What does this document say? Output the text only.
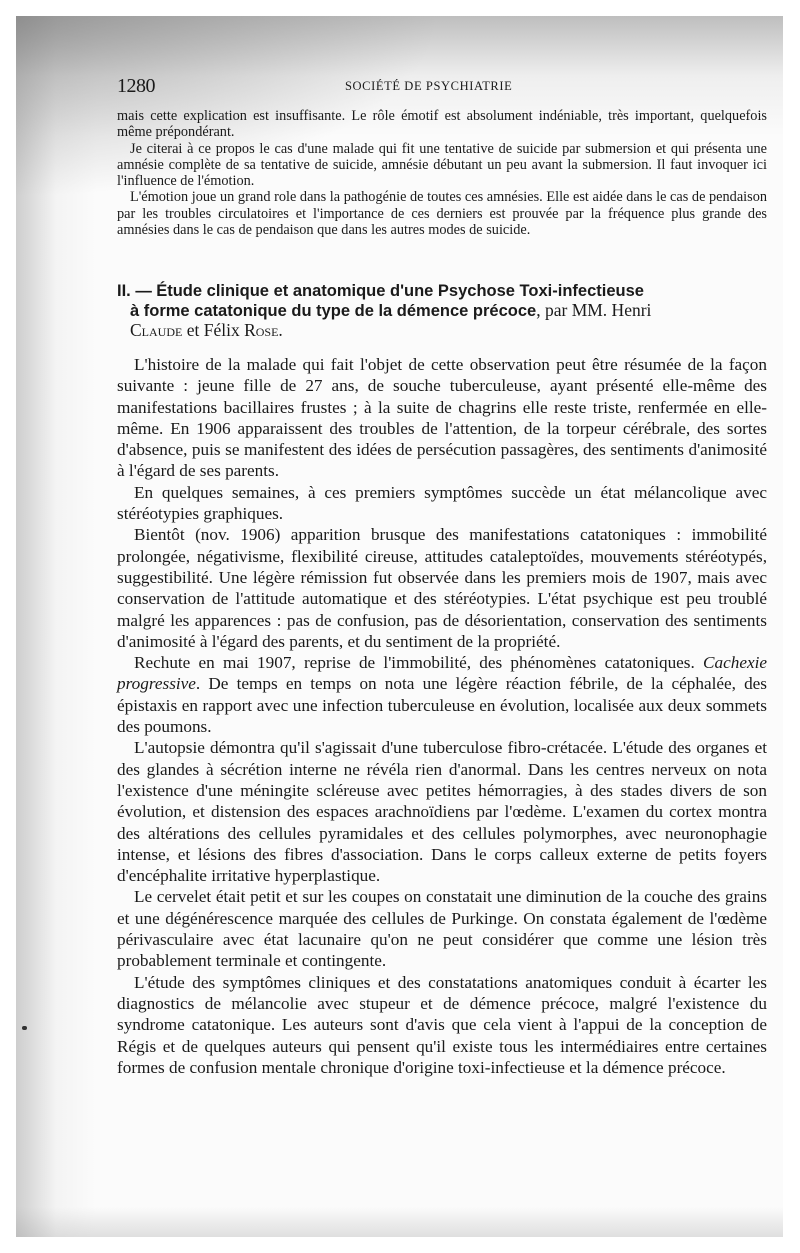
1280	SOCIÉTÉ DE PSYCHIATRIE

mais cette explication est insuffisante. Le rôle émotif est absolument indéniable, très important, quelquefois même prépondérant.

Je citerai à ce propos le cas d'une malade qui fit une tentative de suicide par submersion et qui présenta une amnésie complète de sa tentative de suicide, amnésie débutant un peu avant la submersion. Il faut invoquer ici l'influence de l'émotion.

L'émotion joue un grand role dans la pathogénie de toutes ces amnésies. Elle est aidée dans le cas de pendaison par les troubles circulatoires et l'importance de ces derniers est prouvée par la fréquence plus grande des amnésies dans le cas de pendaison que dans les autres modes de suicide.

II. — Étude clinique et anatomique d'une Psychose Toxi-infectieuse
à forme catatonique du type de la démence précoce, par MM. Henri
Claude et Félix Rose.

L'histoire de la malade qui fait l'objet de cette observation peut être résumée de la façon suivante : jeune fille de 27 ans, de souche tuberculeuse, ayant présenté elle-même des manifestations bacillaires frustes ; à la suite de chagrins elle reste triste, renfermée en elle-même. En 1906 apparaissent des troubles de l'attention, de la torpeur cérébrale, des sortes d'absence, puis se manifestent des idées de persécution passagères, des sentiments d'animosité à l'égard de ses parents.

En quelques semaines, à ces premiers symptômes succède un état mélancolique avec stéréotypies graphiques.

Bientôt (nov. 1906) apparition brusque des manifestations catatoniques : immobilité prolongée, négativisme, flexibilité cireuse, attitudes cataleptoïdes, mouvements stéréotypés, suggestibilité. Une légère rémission fut observée dans les premiers mois de 1907, mais avec conservation de l'attitude automatique et des stéréotypies. L'état psychique est peu troublé malgré les apparences : pas de confusion, pas de désorientation, conservation des sentiments d'animosité à l'égard des parents, et du sentiment de la propriété.

Rechute en mai 1907, reprise de l'immobilité, des phénomènes catatoniques. Cachexie progressive. De temps en temps on nota une légère réaction fébrile, de la céphalée, des épistaxis en rapport avec une infection tuberculeuse en évolution, localisée aux deux sommets des poumons.

L'autopsie démontra qu'il s'agissait d'une tuberculose fibro-crétacée. L'étude des organes et des glandes à sécrétion interne ne révéla rien d'anormal. Dans les centres nerveux on nota l'existence d'une méningite scléreuse avec petites hémorragies, à des stades divers de son évolution, et distension des espaces arachnoïdiens par l'œdème. L'examen du cortex montra des altérations des cellules pyramidales et des cellules polymorphes, avec neuronophagie intense, et lésions des fibres d'association. Dans le corps calleux externe de petits foyers d'encéphalite irritative hyperplastique.

Le cervelet était petit et sur les coupes on constatait une diminution de la couche des grains et une dégénérescence marquée des cellules de Purkinge. On constata également de l'œdème périvasculaire avec état lacunaire qu'on ne peut considérer que comme une lésion très probablement terminale et contingente.

L'étude des symptômes cliniques et des constatations anatomiques conduit à écarter les diagnostics de mélancolie avec stupeur et de démence précoce, malgré l'existence du syndrome catatonique. Les auteurs sont d'avis que cela vient à l'appui de la conception de Régis et de quelques auteurs qui pensent qu'il existe tous les intermédiaires entre certaines formes de confusion mentale chronique d'origine toxi-infectieuse et la démence précoce.
